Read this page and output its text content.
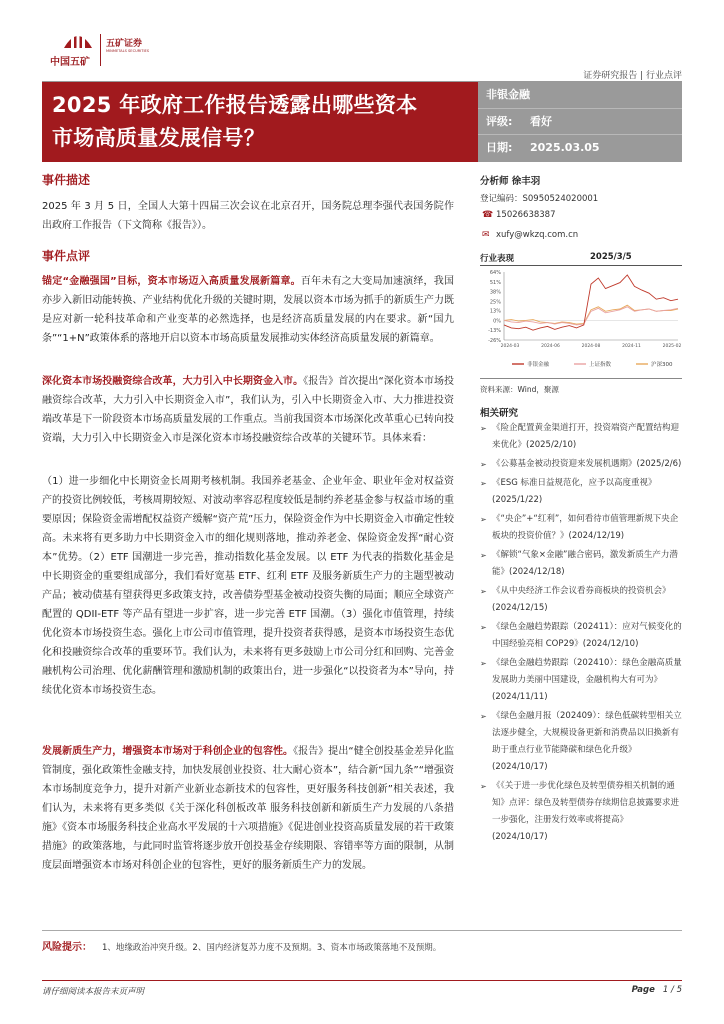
中国五矿
五矿证券
MINMETALS SECURITIES
证券研究报告 | 行业点评
2025 年政府工作报告透露出哪些资本
市场高质量发展信号？
非银金融
评级: 看好
日期: 2025.03.05
事件描述
2025 年 3 月 5 日，全国人大第十四届三次会议在北京召开，国务院总理李强代表国务院作出政府工作报告（下文简称《报告》）。
事件点评
锚定“金融强国”目标，资本市场迈入高质量发展新篇章。百年未有之大变局加速演绎，我国亦步入新旧动能转换、产业结构优化升级的关键时期，发展以资本市场为抓手的新质生产力既是应对新一轮科技革命和产业变革的必然选择，也是经济高质量发展的内在要求。新“国九条”“1+N”政策体系的落地开启以资本市场高质量发展推动实体经济高质量发展的新篇章。
深化资本市场投融资综合改革，大力引入中长期资金入市。《报告》首次提出“深化资本市场投融资综合改革，大力引入中长期资金入市”，我们认为，引入中长期资金入市、大力推进投资端改革是下一阶段资本市场高质量发展的工作重点。当前我国资本市场深化改革重心已转向投资端，大力引入中长期资金入市是深化资本市场投融资综合改革的关键环节。具体来看：
（1）进一步细化中长期资金长周期考核机制。我国养老基金、企业年金、职业年金对权益资产的投资比例较低，考核周期较短、对波动率容忍程度较低是制约养老基金参与权益市场的重要原因；保险资金需增配权益资产缓解“资产荒”压力，保险资金作为中长期资金入市确定性较高。未来将有更多助力中长期资金入市的细化规则落地，推动养老金、保险资金发挥“耐心资本”优势。（2）ETF 国潮进一步完善，推动指数化基金发展。以 ETF 为代表的指数化基金是中长期资金的重要组成部分，我们看好宽基 ETF、红利 ETF 及服务新质生产力的主题型被动产品；被动债基有望获得更多政策支持，改善债券型基金被动投资失衡的局面；顺应全球资产配置的 QDII-ETF 等产品有望进一步扩容，进一步完善 ETF 国潮。（3）强化市值管理，持续优化资本市场投资生态。强化上市公司市值管理，提升投资者获得感，是资本市场投资生态优化和投融资综合改革的重要环节。我们认为，未来将有更多鼓励上市公司分红和回购、完善金融机构公司治理、优化薪酬管理和激励机制的政策出台，进一步强化“以投资者为本”导向，持续优化资本市场投资生态。
发展新质生产力，增强资本市场对于科创企业的包容性。《报告》提出“健全创投基金差异化监管制度，强化政策性金融支持，加快发展创业投资、壮大耐心资本”，结合新“国九条”“增强资本市场制度竞争力，提升对新产业新业态新技术的包容性，更好服务科技创新”相关表述，我们认为，未来将有更多类似《关于深化科创板改革 服务科技创新和新质生产力发展的八条措施》《资本市场服务科技企业高水平发展的十六项措施》《促进创业投资高质量发展的若干政策措施》的政策落地，与此同时监管将逐步放开创投基金存续期限、容错率等方面的限制，从制度层面增强资本市场对科创企业的包容性，更好的服务新质生产力的发展。
分析师 徐丰羽
登记编码：S0950524020001
☎ 15026638387
✉ xufy@wkzq.com.cn
行业表现	2025/3/5
64%
51%
38%
25%
13%
0%
-13%
-26%
2024-03	2024-06	2024-08	2024-11	2025-02
非银金融	上证指数	沪深300
资料来源：Wind，聚源
相关研究
➢ 《险企配置黄金渠道打开，投资端资产配置结构迎来优化》(2025/2/10)
➢ 《公募基金被动投资迎来发展机遇期》(2025/2/6)
➢ 《ESG 标准日益规范化，应予以高度重视》(2025/1/22)
➢ 《“央企”+“红利”，如何看待市值管理新规下央企板块的投资价值？》(2024/12/19)
➢ 《解锁“气象×金融”融合密码，激发新质生产力潜能》(2024/12/18)
➢ 《从中央经济工作会议看券商板块的投资机会》(2024/12/15)
➢ 《绿色金融趋势跟踪（202411）：应对气候变化的中国经验亮相 COP29》(2024/12/10)
➢ 《绿色金融趋势跟踪（202410）：绿色金融高质量发展助力美丽中国建设，金融机构大有可为》(2024/11/11)
➢ 《绿色金融月报（202409）：绿色低碳转型相关立法逐步健全，大规模设备更新和消费品以旧换新有助于重点行业节能降碳和绿色化升级》(2024/10/17)
➢ 《《关于进一步优化绿色及转型债券相关机制的通知》点评：绿色及转型债券存续期信息披露要求进一步强化，注册发行效率或将提高》(2024/10/17)
风险提示： 1、地缘政治冲突升级。2、国内经济复苏力度不及预期。3、资本市场政策落地不及预期。
请仔细阅读本报告末页声明	Page 1 / 5
